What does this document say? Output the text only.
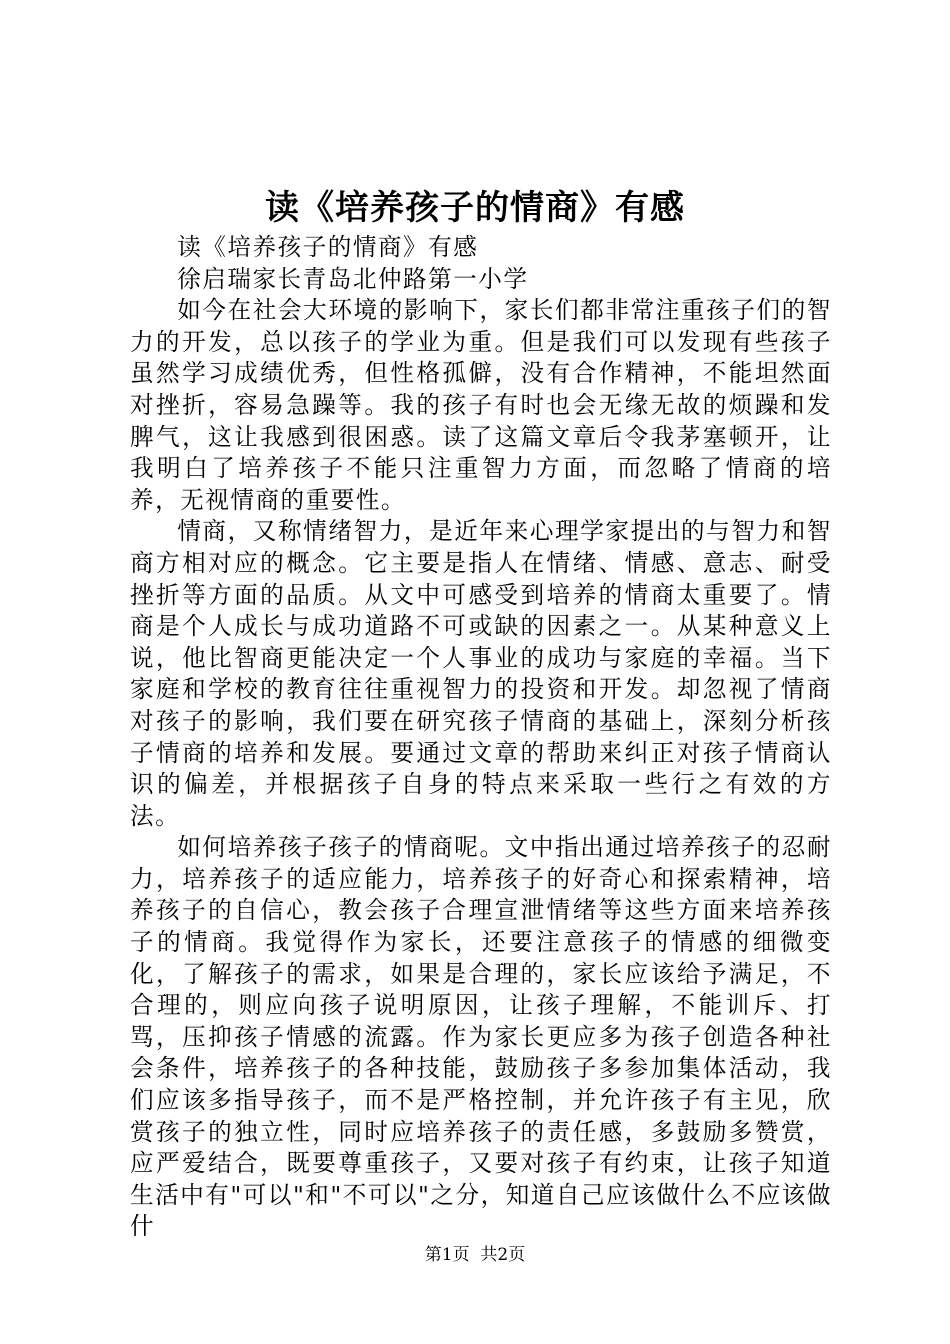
读《培养孩子的情商》有感

读《培养孩子的情商》有感

徐启瑞家长青岛北仲路第一小学

如今在社会大环境的影响下，家长们都非常注重孩子们的智力的开发，总以孩子的学业为重。但是我们可以发现有些孩子虽然学习成绩优秀，但性格孤僻，没有合作精神，不能坦然面对挫折，容易急躁等。我的孩子有时也会无缘无故的烦躁和发脾气，这让我感到很困惑。读了这篇文章后令我茅塞顿开，让我明白了培养孩子不能只注重智力方面，而忽略了情商的培养，无视情商的重要性。

情商，又称情绪智力，是近年来心理学家提出的与智力和智商方相对应的概念。它主要是指人在情绪、情感、意志、耐受挫折等方面的品质。从文中可感受到培养的情商太重要了。情商是个人成长与成功道路不可或缺的因素之一。从某种意义上说，他比智商更能决定一个人事业的成功与家庭的幸福。当下家庭和学校的教育往往重视智力的投资和开发。却忽视了情商对孩子的影响，我们要在研究孩子情商的基础上，深刻分析孩子情商的培养和发展。要通过文章的帮助来纠正对孩子情商认识的偏差，并根据孩子自身的特点来采取一些行之有效的方法。

如何培养孩子孩子的情商呢。文中指出通过培养孩子的忍耐力，培养孩子的适应能力，培养孩子的好奇心和探索精神，培养孩子的自信心，教会孩子合理宣泄情绪等这些方面来培养孩子的情商。我觉得作为家长，还要注意孩子的情感的细微变化，了解孩子的需求，如果是合理的，家长应该给予满足，不合理的，则应向孩子说明原因，让孩子理解，不能训斥、打骂，压抑孩子情感的流露。作为家长更应多为孩子创造各种社会条件，培养孩子的各种技能，鼓励孩子多参加集体活动，我们应该多指导孩子，而不是严格控制，并允许孩子有主见，欣赏孩子的独立性，同时应培养孩子的责任感，多鼓励多赞赏，应严爱结合，既要尊重孩子，又要对孩子有约束，让孩子知道生活中有"可以"和"不可以"之分，知道自己应该做什么不应该做什

第1页  共2页
